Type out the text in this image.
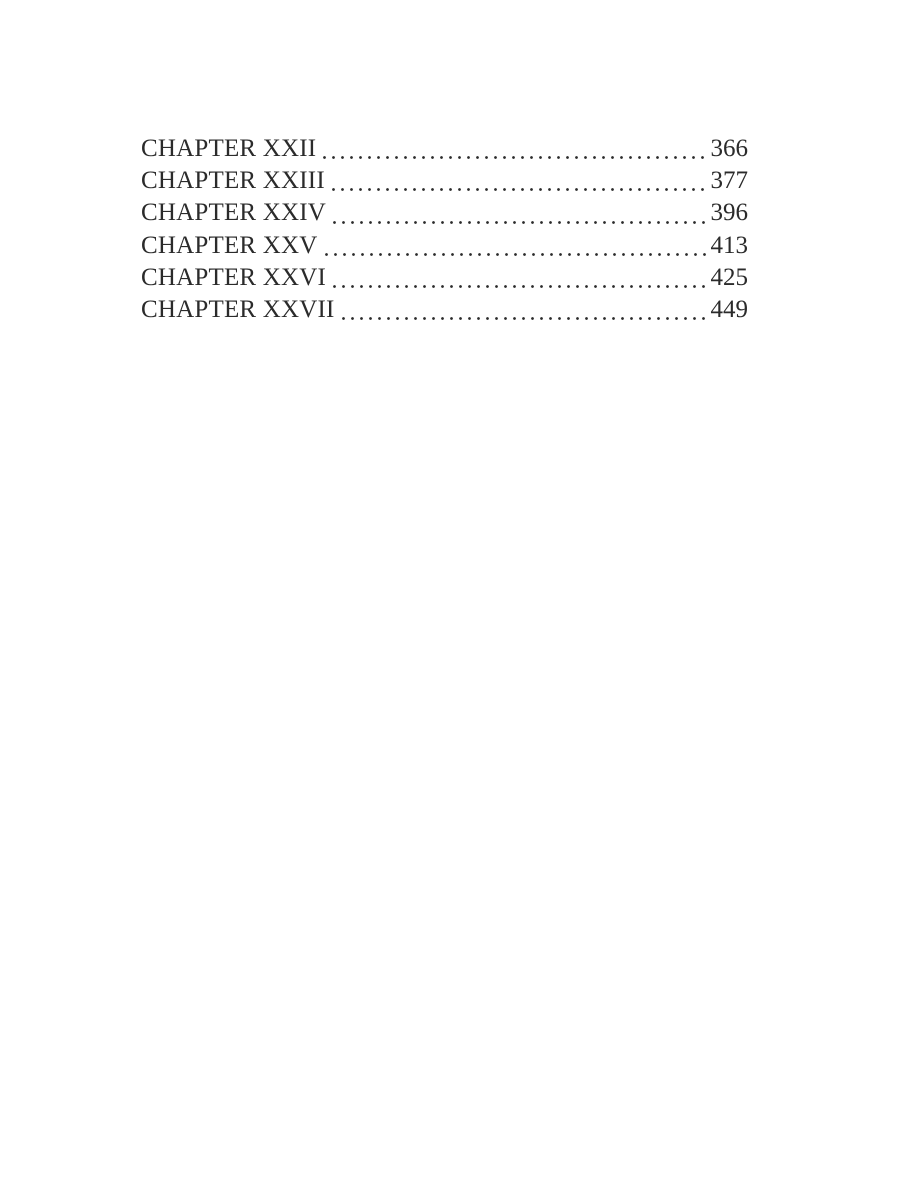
CHAPTER XXII	366
CHAPTER XXIII	377
CHAPTER XXIV	396
CHAPTER XXV	413
CHAPTER XXVI	425
CHAPTER XXVII	449
